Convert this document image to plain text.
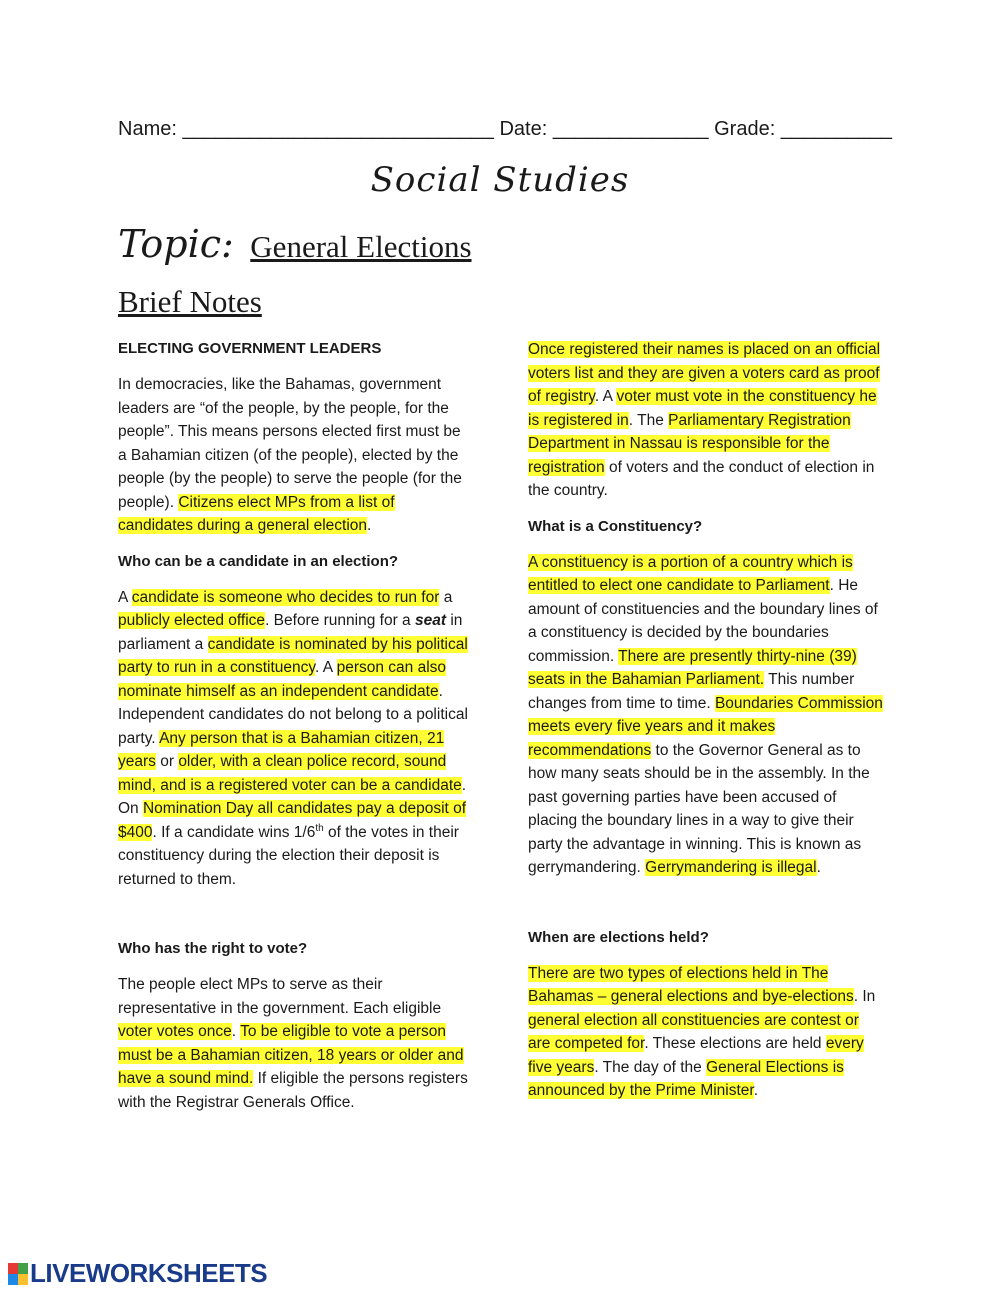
Name: ____________________________ Date: ______________ Grade: __________
Social Studies
Topic: General Elections
Brief Notes
ELECTING GOVERNMENT LEADERS

In democracies, like the Bahamas, government leaders are “of the people, by the people, for the people”. This means persons elected first must be a Bahamian citizen (of the people), elected by the people (by the people) to serve the people (for the people). Citizens elect MPs from a list of candidates during a general election.

Who can be a candidate in an election?

A candidate is someone who decides to run for a publicly elected office. Before running for a seat in parliament a candidate is nominated by his political party to run in a constituency. A person can also nominate himself as an independent candidate. Independent candidates do not belong to a political party. Any person that is a Bahamian citizen, 21 years or older, with a clean police record, sound mind, and is a registered voter can be a candidate. On Nomination Day all candidates pay a deposit of $400. If a candidate wins 1/6th of the votes in their constituency during the election their deposit is returned to them.

Who has the right to vote?

The people elect MPs to serve as their representative in the government. Each eligible voter votes once. To be eligible to vote a person must be a Bahamian citizen, 18 years or older and have a sound mind. If eligible the persons registers with the Registrar Generals Office.

Once registered their names is placed on an official voters list and they are given a voters card as proof of registry. A voter must vote in the constituency he is registered in. The Parliamentary Registration Department in Nassau is responsible for the registration of voters and the conduct of election in the country.

What is a Constituency?

A constituency is a portion of a country which is entitled to elect one candidate to Parliament. He amount of constituencies and the boundary lines of a constituency is decided by the boundaries commission. There are presently thirty-nine (39) seats in the Bahamian Parliament. This number changes from time to time. Boundaries Commission meets every five years and it makes recommendations to the Governor General as to how many seats should be in the assembly. In the past governing parties have been accused of placing the boundary lines in a way to give their party the advantage in winning. This is known as gerrymandering. Gerrymandering is illegal.

When are elections held?

There are two types of elections held in The Bahamas – general elections and bye-elections. In general election all constituencies are contest or are competed for. These elections are held every five years. The day of the General Elections is announced by the Prime Minister.

LIVEWORKSHEETS
